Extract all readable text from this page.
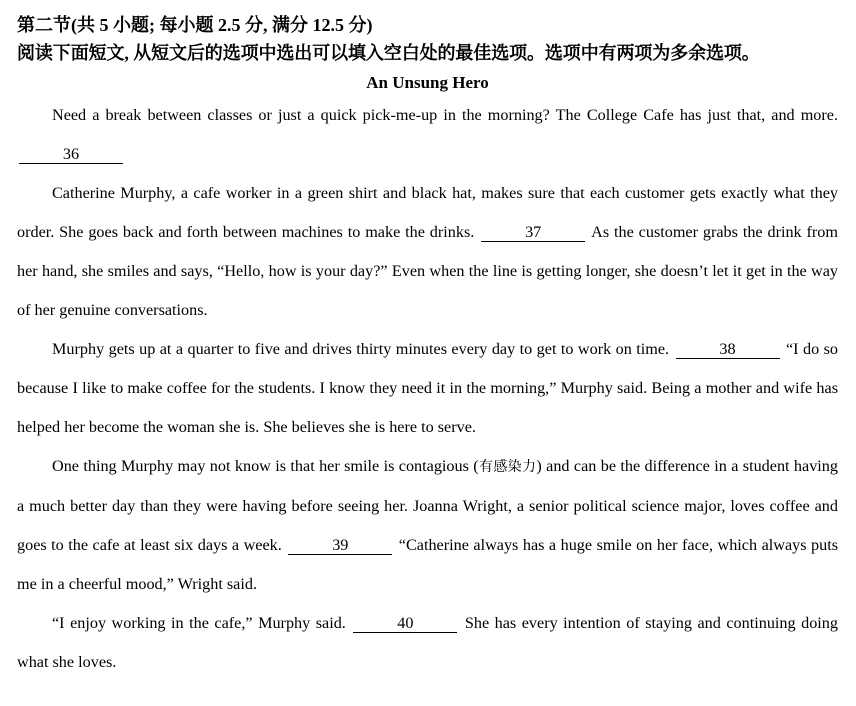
第二节(共 5 小题; 每小题 2.5 分, 满分 12.5 分)

阅读下面短文, 从短文后的选项中选出可以填入空白处的最佳选项。选项中有两项为多余选项。

An Unsung Hero

Need a break between classes or just a quick pick-me-up in the morning? The College Cafe has just that, and more. 36

Catherine Murphy, a cafe worker in a green shirt and black hat, makes sure that each customer gets exactly what they order. She goes back and forth between machines to make the drinks.	37	As the customer grabs the drink from her hand, she smiles and says, “Hello, how is your day?” Even when the line is getting longer, she doesn’t let it get in the way of her genuine conversations.

Murphy gets up at a quarter to five and drives thirty minutes every day to get to work on time.	38	“I do so because I like to make coffee for the students. I know they need it in the morning,” Murphy said. Being a mother and wife has helped her become the woman she is. She believes she is here to serve.

One thing Murphy may not know is that her smile is contagious (有感染力) and can be the difference in a student having a much better day than they were having before seeing her. Joanna Wright, a senior political science major, loves coffee and goes to the cafe at least six days a week.	39	“Catherine always has a huge smile on her face, which always puts me in a cheerful mood,” Wright said.

“I enjoy working in the cafe,” Murphy said.	40	She has every intention of staying and continuing doing what she loves.
